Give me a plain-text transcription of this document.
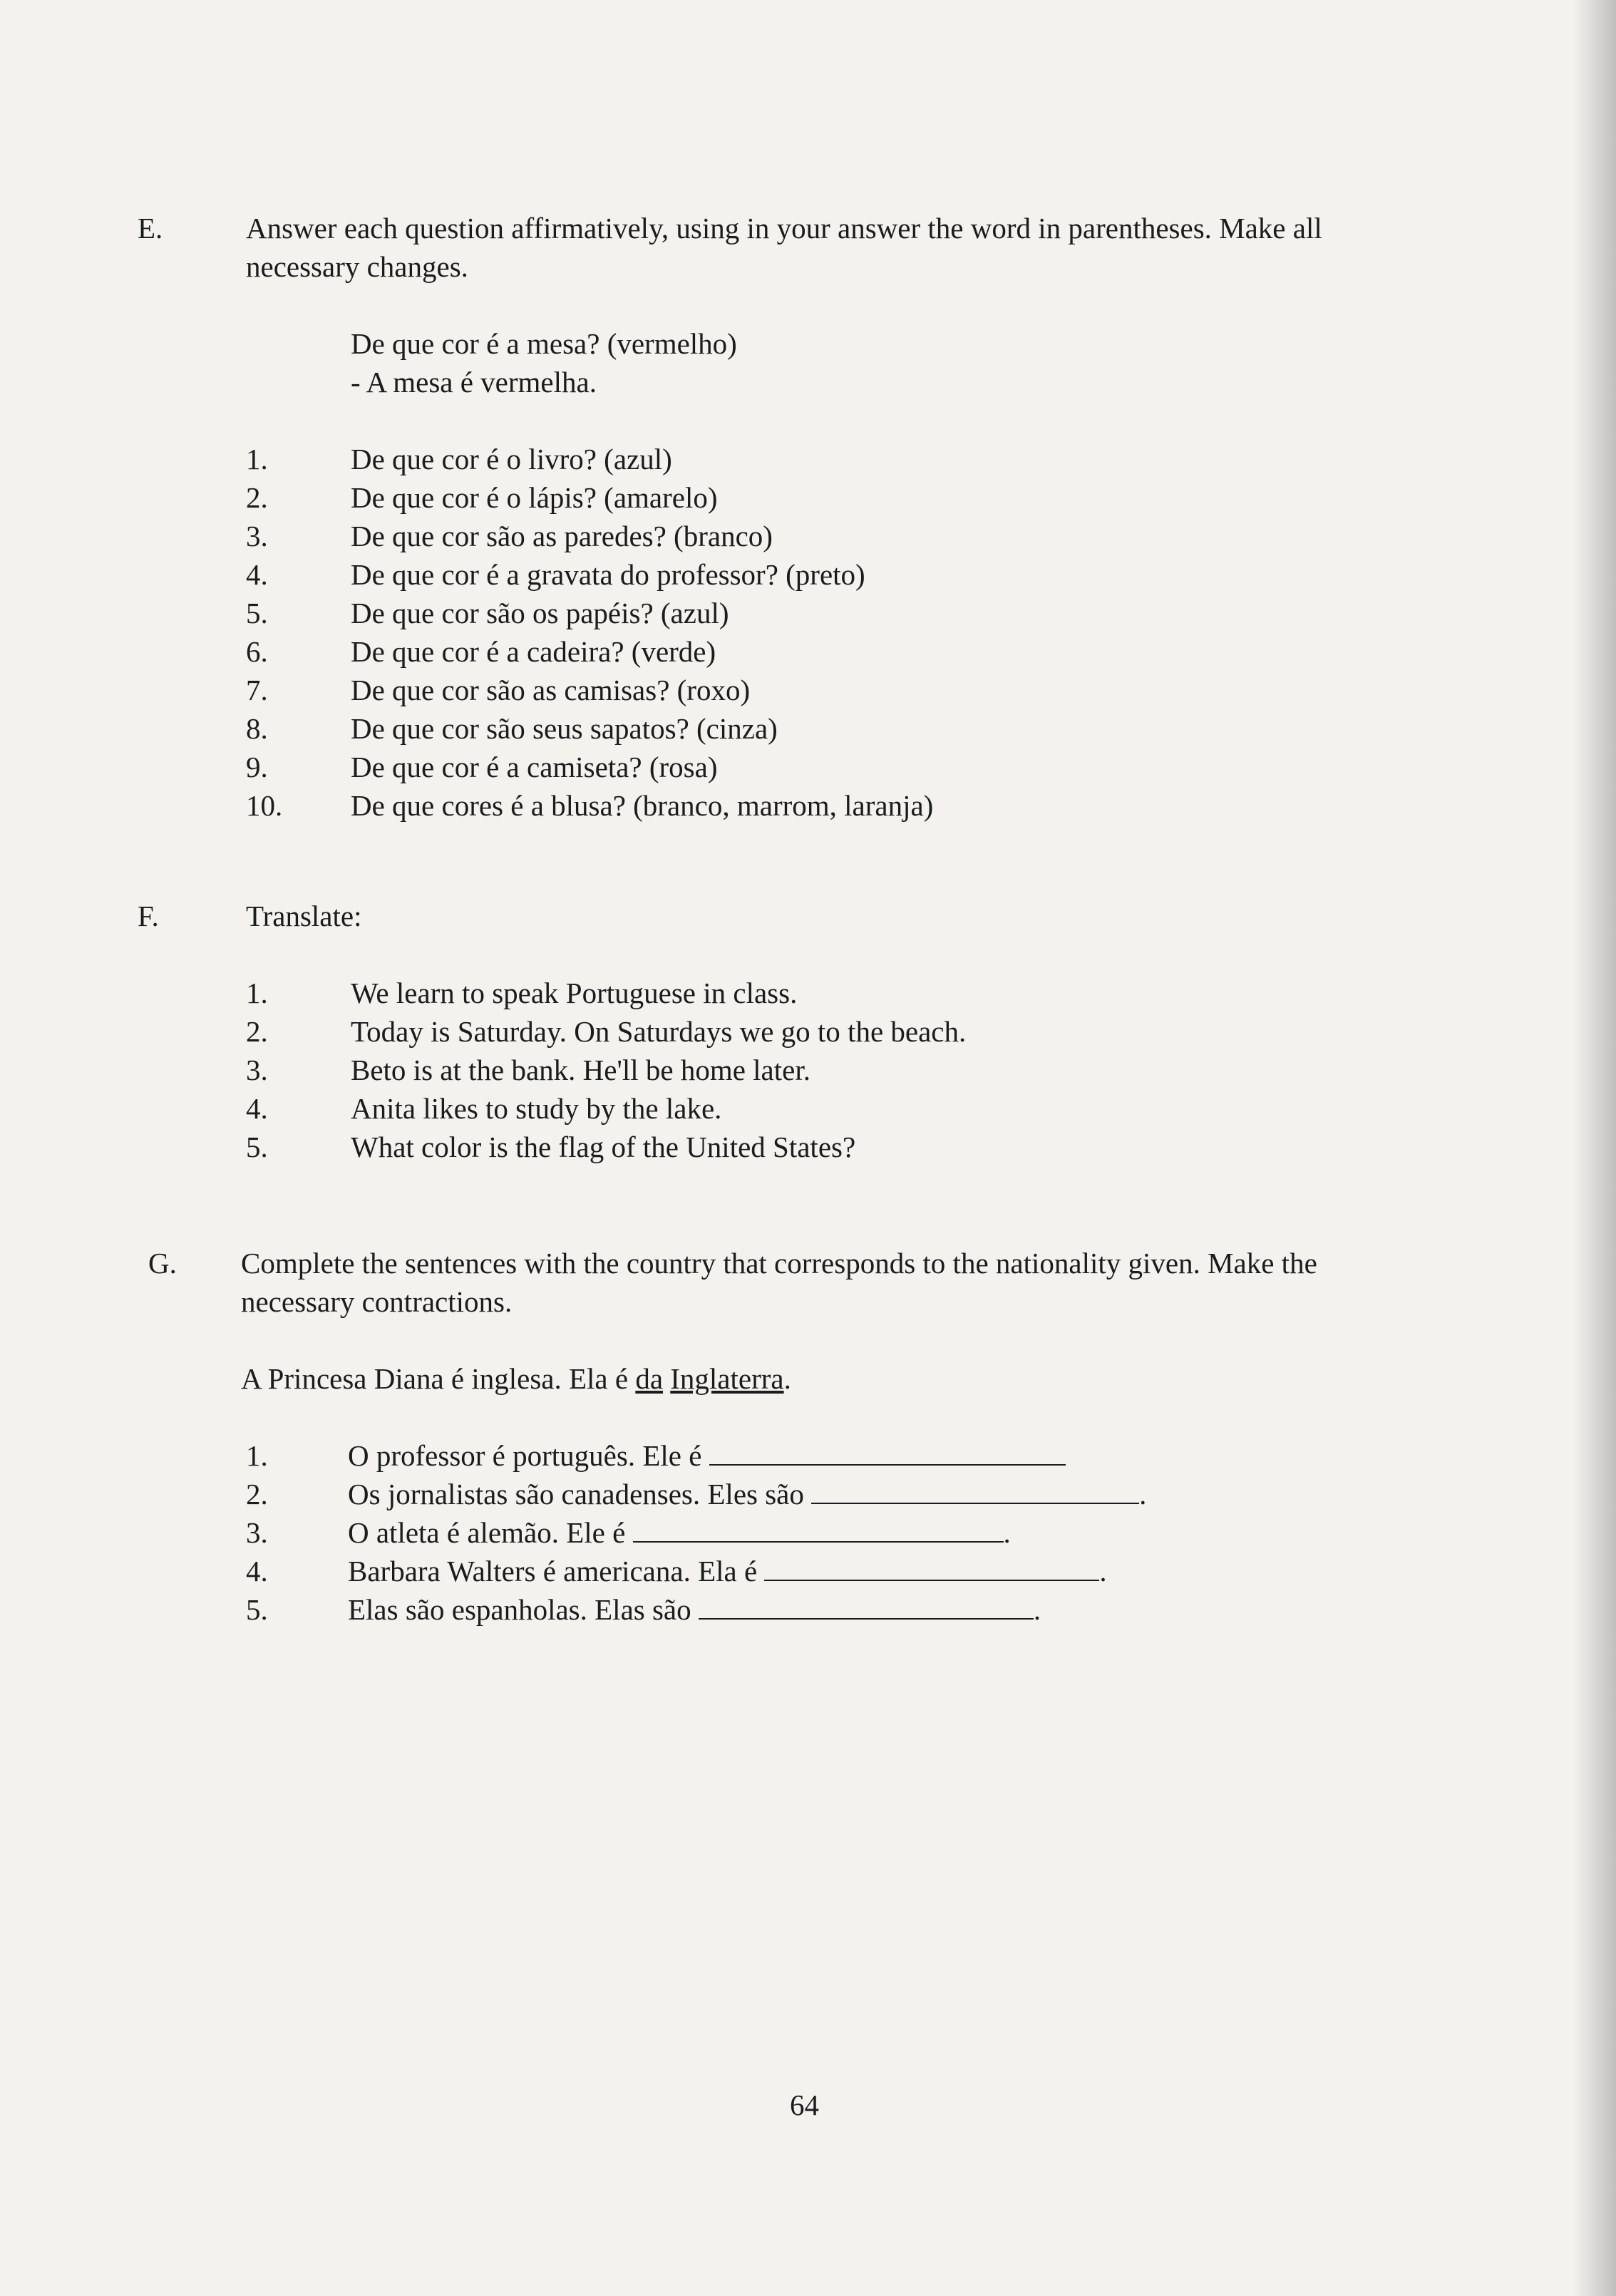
E.	Answer each question affirmatively, using in your answer the word in parentheses. Make all
necessary changes.
De que cor é a mesa? (vermelho)
- A mesa é vermelha.
1.	De que cor é o livro? (azul)
2.	De que cor é o lápis? (amarelo)
3.	De que cor são as paredes? (branco)
4.	De que cor é a gravata do professor? (preto)
5.	De que cor são os papéis? (azul)
6.	De que cor é a cadeira? (verde)
7.	De que cor são as camisas? (roxo)
8.	De que cor são seus sapatos? (cinza)
9.	De que cor é a camiseta? (rosa)
10. De que cores é a blusa? (branco, marrom, laranja)
F.	Translate:
1.	We learn to speak Portuguese in class.
2.	Today is Saturday. On Saturdays we go to the beach.
3.	Beto is at the bank. He'll be home later.
4.	Anita likes to study by the lake.
5.	What color is the flag of the United States?
G. Complete the sentences with the country that corresponds to the nationality given. Make the
necessary contractions.
A Princesa Diana é inglesa. Ela é da Inglaterra.
1.	O professor é português. Ele é
2.	Os jornalistas são canadenses. Eles são	.
3.	O atleta é alemão. Ele é	.
4.	Barbara Walters é americana. Ela é	.
5.	Elas são espanholas. Elas são	.
64
